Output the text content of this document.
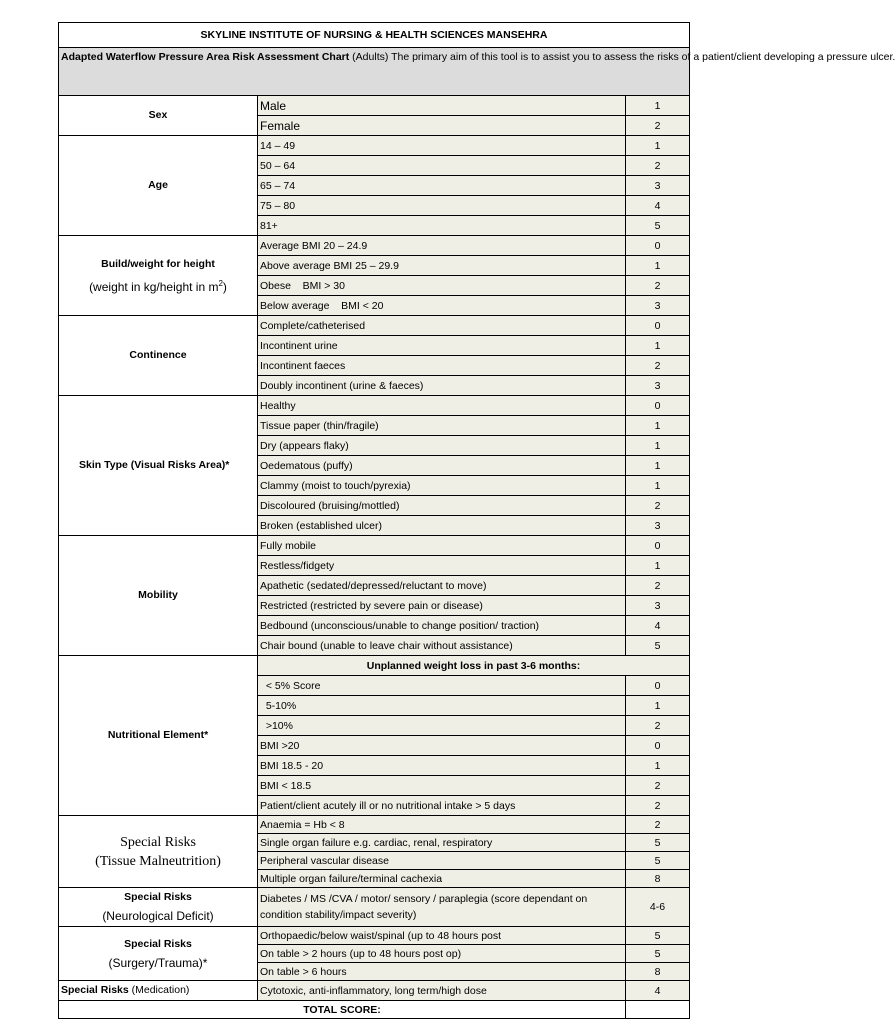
SKYLINE INSTITUTE OF NURSING & HEALTH SCIENCES MANSEHRA		
Adapted Waterflow Pressure Area Risk Assessment Chart (Adults) The primary aim of this tool is to assist you to assess the risks of a patient/client developing a pressure ulcer.		

Sex	Male	1
	Female	2

Age	14 – 49	1
	50 – 64	2
	65 – 74	3
	75 – 80	4
	81+	5

Build/weight for height
(weight in kg/height in $m^2$)	Average BMI 20 – 24.9	0
	Above average BMI 25 – 29.9	1
	Obese    BMI > 30	2
	Below average    BMI < 20	3

Continence	Complete/catheterised	0
	Incontinent urine	1
	Incontinent faeces	2
	Doubly incontinent (urine & faeces)	3

Skin Type (Visual Risks Area)*	Healthy	0
	Tissue paper (thin/fragile)	1
	Dry (appears flaky)	1
	Oedematous (puffy)	1
	Clammy (moist to touch/pyrexia)	1
	Discoloured (bruising/mottled)	2
	Broken (established ulcer)	3

Mobility	Fully mobile	0
	Restless/fidgety	1
	Apathetic (sedated/depressed/reluctant to move)	2
	Restricted (restricted by severe pain or disease)	3
	Bedbound (unconscious/unable to change position/ traction)	4
	Chair bound (unable to leave chair without assistance)	5

Nutritional Element*	Unplanned weight loss in past 3-6 months:	
	< 5% Score	0
	5-10%	1
	>10%	2
	BMI >20	0
	BMI 18.5 - 20	1
	BMI < 18.5	2
	Patient/client acutely ill or no nutritional intake > 5 days	2

Special Risks
(Tissue Malneutrition)	Anaemia = Hb < 8	2
	Single organ failure e.g. cardiac, renal, respiratory	5
	Peripheral vascular disease	5
	Multiple organ failure/terminal cachexia	8

Special Risks
(Neurological Deficit)	Diabetes / MS /CVA / motor/ sensory / paraplegia (score dependant on condition stability/impact severity)	4-6

Special Risks
(Surgery/Trauma)*	Orthopaedic/below waist/spinal (up to 48 hours post	5
	On table > 2 hours (up to 48 hours post op)	5
	On table > 6 hours	8
Special Risks (Medication)	Cytotoxic, anti-inflammatory, long term/high dose	4
TOTAL SCORE:		
